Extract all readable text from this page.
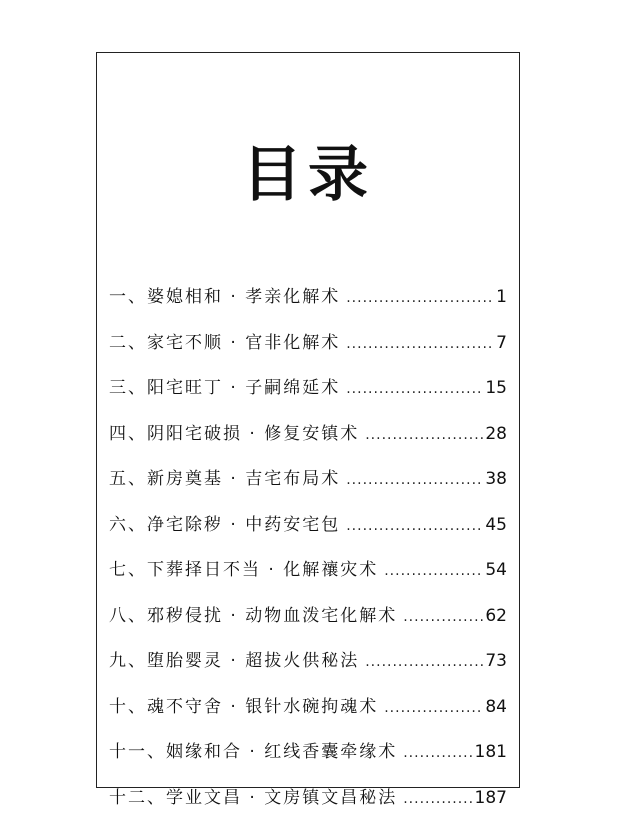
目录
一、婆媳相和 · 孝亲化解术 .....	1
二、家宅不顺 · 官非化解术 .....	7
三、阳宅旺丁 · 子嗣绵延术 .....	15
四、阴阳宅破损 · 修复安镇术 .....	28
五、新房奠基 · 吉宅布局术 .....	38
六、净宅除秽 · 中药安宅包 .....	45
七、下葬择日不当 · 化解禳灾术 .....	54
八、邪秽侵扰 · 动物血泼宅化解术 .....	62
九、堕胎婴灵 · 超拔火供秘法 .....	73
十、魂不守舍 · 银针水碗拘魂术 .....	84
十一、姻缘和合 · 红线香囊牵缘术 .....	181
十二、学业文昌 · 文房镇文昌秘法 .....	187
